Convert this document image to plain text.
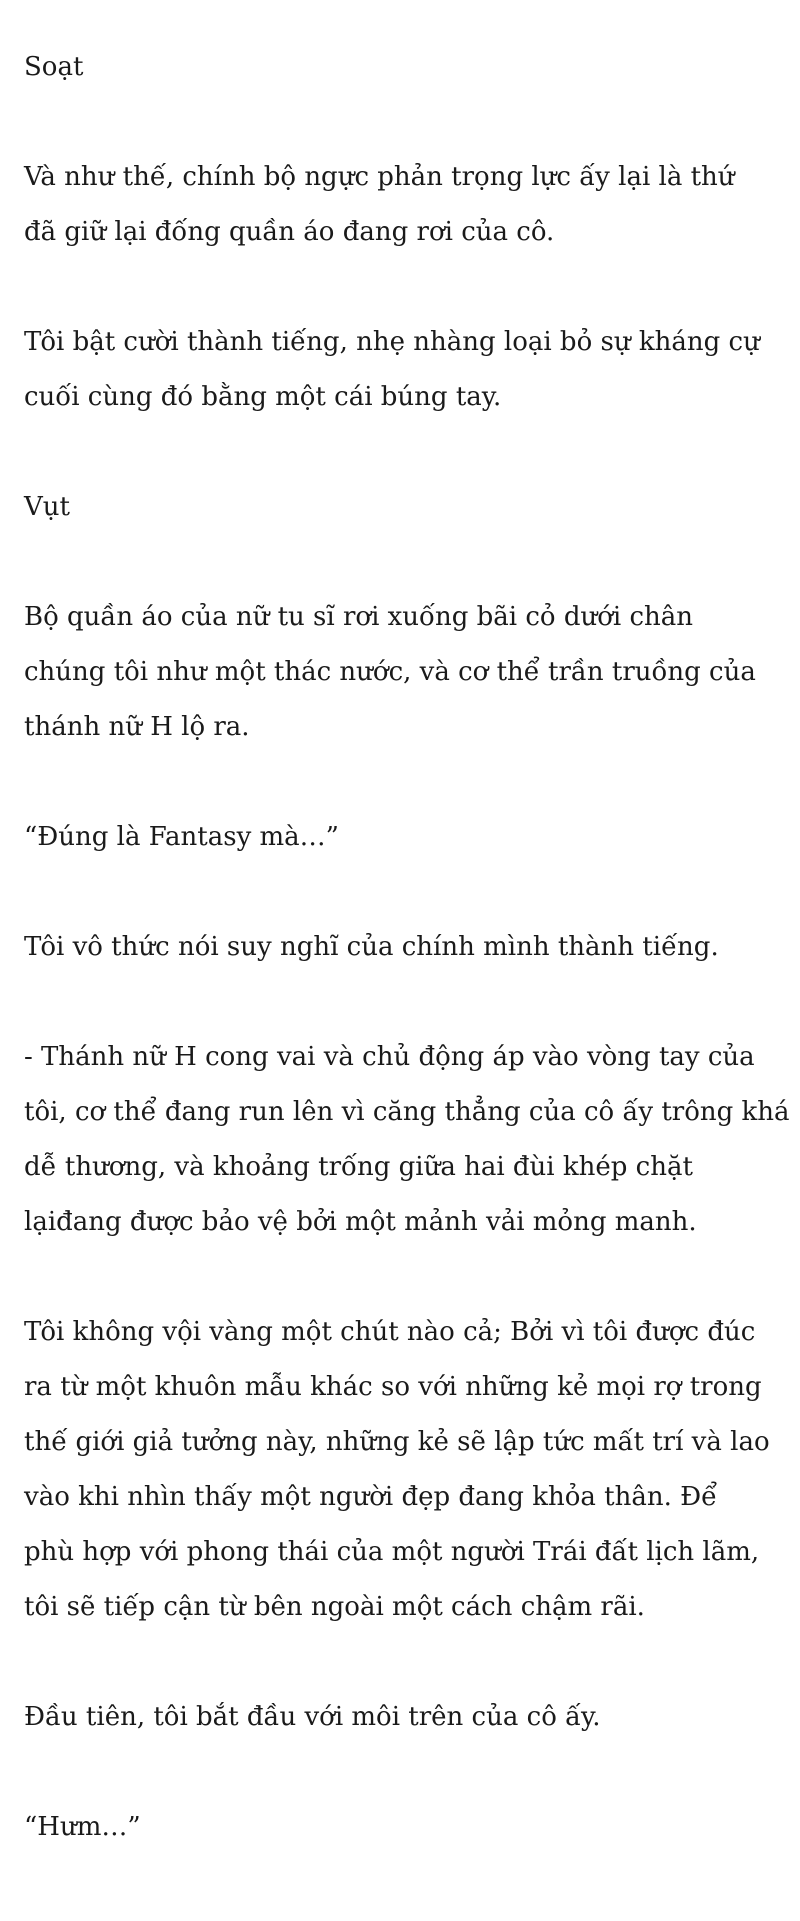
Soạt
Và như thế, chính bộ ngực phản trọng lực ấy lại là thứ
đã giữ lại đống quần áo đang rơi của cô.
Tôi bật cười thành tiếng, nhẹ nhàng loại bỏ sự kháng cự
cuối cùng đó bằng một cái búng tay.
Vụt
Bộ quần áo của nữ tu sĩ rơi xuống bãi cỏ dưới chân
chúng tôi như một thác nước, và cơ thể trần truồng của
thánh nữ H lộ ra.
“Đúng là Fantasy mà…”
Tôi vô thức nói suy nghĩ của chính mình thành tiếng.
- Thánh nữ H cong vai và chủ động áp vào vòng tay của
tôi, cơ thể đang run lên vì căng thẳng của cô ấy trông khá
dễ thương, và khoảng trống giữa hai đùi khép chặt
lạiđang được bảo vệ bởi một mảnh vải mỏng manh.
Tôi không vội vàng một chút nào cả; Bởi vì tôi được đúc
ra từ một khuôn mẫu khác so với những kẻ mọi rợ trong
thế giới giả tưởng này, những kẻ sẽ lập tức mất trí và lao
vào khi nhìn thấy một người đẹp đang khỏa thân. Để
phù hợp với phong thái của một người Trái đất lịch lãm,
tôi sẽ tiếp cận từ bên ngoài một cách chậm rãi.
Đầu tiên, tôi bắt đầu với môi trên của cô ấy.
“Hưm…”
